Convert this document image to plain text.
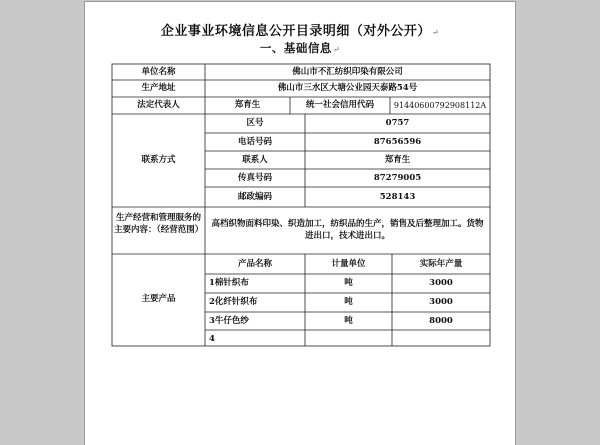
企业事业环境信息公开目录明细（对外公开）↵
一、基础信息↵
单位名称	佛山市不汇纺织印染有限公司
生产地址	佛山市三水区大塘公业园天泰路54号
法定代表人	郑育生	统一社会信用代码	91440600792908112A
联系方式
区号	0757
电话号码	87656596
联系人	郑育生
传真号码	87279005
邮政编码	528143
生产经营和管理服务的主要内容：（经营范围）
高档织物面料印染、织造加工，纺织品的生产，销售及后整理加工。货物进出口，技术进出口。
主要产品
产品名称	计量单位	实际年产量
1棉针织布	吨	3000
2化纤针织布	吨	3000
3牛仔色纱	吨	8000
4
